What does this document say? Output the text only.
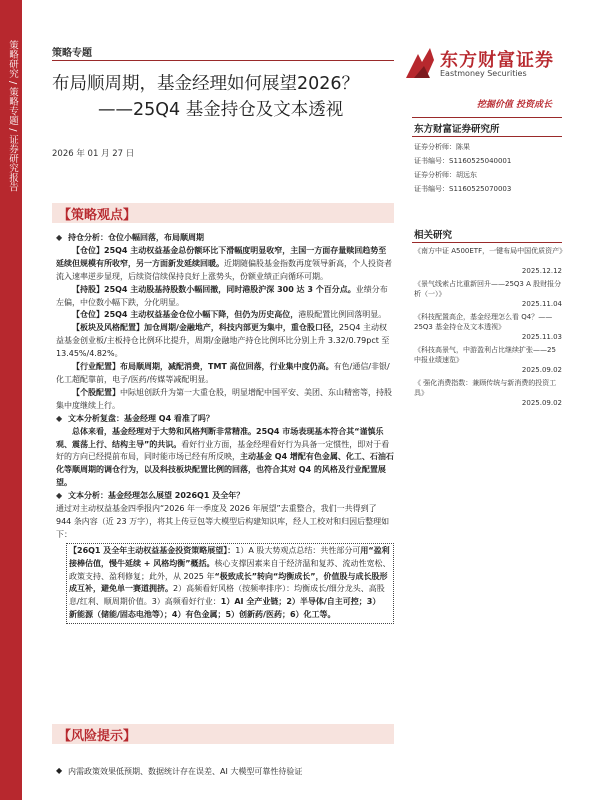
策略研究 / 策略专题 / 证券研究报告	策略专题
布局顺周期，基金经理如何展望2026？
——25Q4 基金持仓及文本透视
2026 年 01 月 27 日
东方财富证券
Eastmoney Securities
挖掘价值 投资成长
东方财富证券研究所
证券分析师：陈果
证书编号：S1160525040001
证券分析师：胡远东
证书编号：S1160525070003
相关研究
《南方中证 A500ETF，一键布局中国优质资产》
2025.12.12
《景气线索占比重新回升——25Q3 A 股财报分析（一）》
2025.11.04
《科技配置高企，基金经理怎么看 Q4？——25Q3 基金持仓及文本透视》
2025.11.03
《科技高景气，中游盈利占比继续扩张——25 中报业绩速览》
2025.09.02
《 强化消费指数：兼顾传统与新消费的投资工具》
2025.09.02
【策略观点】
◆ 持仓分析：仓位小幅回落，布局顺周期
【仓位】25Q4 主动权益基金总份额环比下滑幅度明显收窄，主国一方面存量赎回趋势至延续但规模有所收窄，另一方面新发延续回暖。近期随偏股基金指数再度领导新高，个人投资者流入速率逆步显现，后续资信续保持良好上涨势头，份额业绩正向循环可期。
【持股】25Q4 主动股基持股数小幅回撤，同时港股沪深 300 达 3 个百分点。业绩分布左偏，中位数小幅下跌，分化明显。
【仓位】25Q4 主动权益基金仓位小幅下降，但仍为历史高位，港股配置比例回落明显。
【板块及风格配置】加仓周期/金融地产，科技内部更为集中，重仓股口径，25Q4 主动权益基金创业板/主板持仓比例环比提升，周期/金融地产持仓比例环比分别上升 3.32/0.79pct 至 13.45%/4.82%。
【行业配置】布局顺周期，减配消费，TMT 高位回落，行业集中度仍高。有色/通信/非银/化工超配靠前，电子/医药/传媒等减配明显。
【个股配置】中际旭创跃升为第一大重仓股，明显增配中国平安、美团、东山精密等，持股集中度继续上行。
◆ 文本分析复盘：基金经理 Q4 看准了吗？
总体来看，基金经理对于大势和风格判断非常精准。25Q4 市场表现基本符合其“谨慎乐观、震荡上行、结构主导”的共识。看好行业方面，基金经理看好行为具备一定惯性，即对于看好的方向已经提前布局，同时能市场已经有所反映，主动基金 Q4 增配有色金属、化工、石油石化等顺周期的调仓行为，以及科技板块配置比例的回落，也符合其对 Q4 的风格及行业配置展望。
◆ 文本分析：基金经理怎么展望 2026Q1 及全年？
通过对主动权益基金四季报内“2026 年一季度及 2026 年展望”去重整合，我们一共得到了 944 条内容（近 23 万字），将其上传豆包等大模型后构建知识库，经人工校对和归因后整理如下：
【26Q1 及全年主动权益基金投资策略展望】：1）A 股大势观点总结：共性部分可用“盈利接棒估值，慢牛延续 + 风格均衡”概括。核心支撑因素来自于经济温和复苏、流动性宽松、政策支持、盈利修复；此外，从 2025 年“极致成长”转向“均衡成长”，价值股与成长股形成互补，避免单一赛道拥挤。2）高频看好风格（按频率排序）：均衡成长/细分龙头、高股息/红利、顺周期价值。3）高频看好行业：1）AI 全产业链；2）半导体/自主可控；3） 新能源（储能/固态电池等）；4）有色金属；5）创新药/医药；6）化工等。
【风险提示】
◆ 内需政策效果低预期、数据统计存在误差、AI 大模型可靠性待验证
